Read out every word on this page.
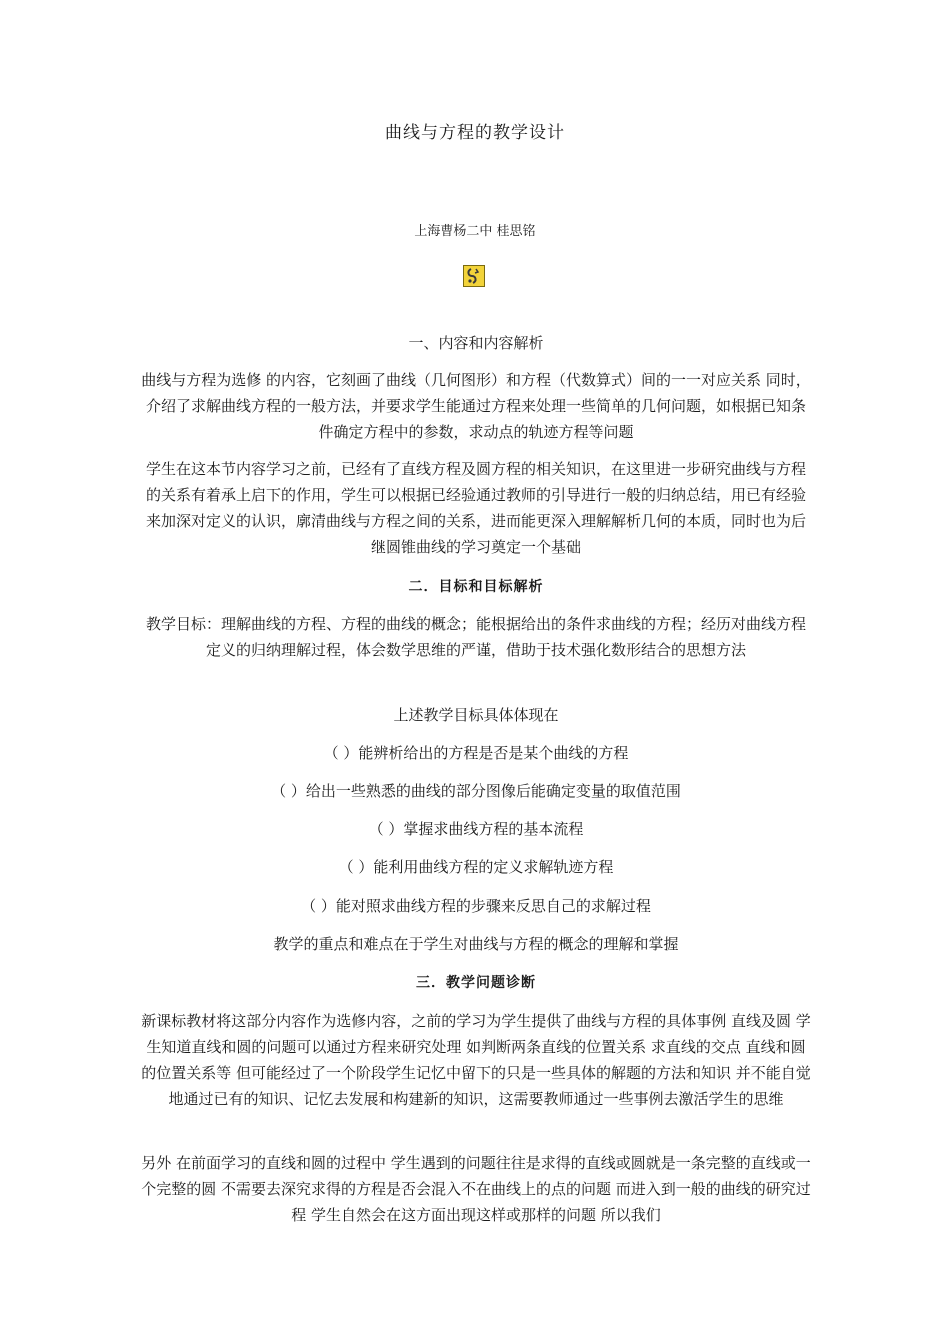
曲线与方程的教学设计
上海曹杨二中 桂思铭
一、内容和内容解析
曲线与方程为选修 的内容，它刻画了曲线（几何图形）和方程（代数算式）间的一一对应关系 同时，介绍了求解曲线方程的一般方法，并要求学生能通过方程来处理一些简单的几何问题，如根据已知条件确定方程中的参数，求动点的轨迹方程等问题
学生在这本节内容学习之前，已经有了直线方程及圆方程的相关知识，在这里进一步研究曲线与方程的关系有着承上启下的作用，学生可以根据已经验通过教师的引导进行一般的归纳总结，用已有经验来加深对定义的认识，廓清曲线与方程之间的关系，进而能更深入理解解析几何的本质，同时也为后继圆锥曲线的学习奠定一个基础
二．目标和目标解析
教学目标：理解曲线的方程、方程的曲线的概念；能根据给出的条件求曲线的方程；经历对曲线方程定义的归纳理解过程，体会数学思维的严谨，借助于技术强化数形结合的思想方法
上述教学目标具体体现在
（ ）能辨析给出的方程是否是某个曲线的方程
（ ）给出一些熟悉的曲线的部分图像后能确定变量的取值范围
（ ）掌握求曲线方程的基本流程
（ ）能利用曲线方程的定义求解轨迹方程
（ ）能对照求曲线方程的步骤来反思自己的求解过程
教学的重点和难点在于学生对曲线与方程的概念的理解和掌握
三．教学问题诊断
新课标教材将这部分内容作为选修内容，之前的学习为学生提供了曲线与方程的具体事例 直线及圆 学生知道直线和圆的问题可以通过方程来研究处理 如判断两条直线的位置关系 求直线的交点 直线和圆的位置关系等 但可能经过了一个阶段学生记忆中留下的只是一些具体的解题的方法和知识 并不能自觉地通过已有的知识、记忆去发展和构建新的知识，这需要教师通过一些事例去激活学生的思维
另外 在前面学习的直线和圆的过程中 学生遇到的问题往往是求得的直线或圆就是一条完整的直线或一个完整的圆 不需要去深究求得的方程是否会混入不在曲线上的点的问题 而进入到一般的曲线的研究过程 学生自然会在这方面出现这样或那样的问题 所以我们
